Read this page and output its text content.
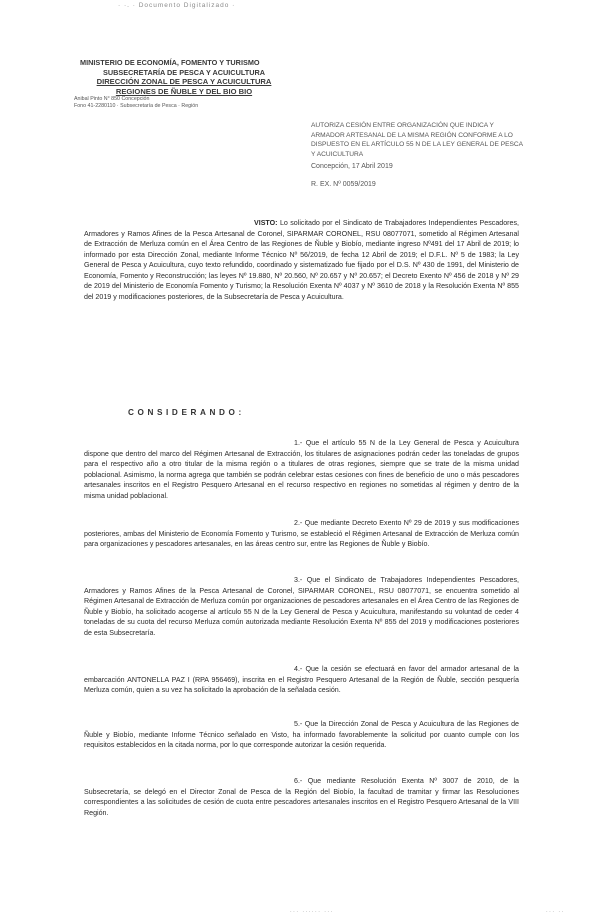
· ·. · Documento Digitalizado ·
MINISTERIO DE ECONOMÍA, FOMENTO Y TURISMO
SUBSECRETARÍA DE PESCA Y ACUICULTURA
DIRECCIÓN ZONAL DE PESCA Y ACUICULTURA
REGIONES DE ÑUBLE Y DEL BIO BIO
Anibal Pinto N° 850 Concepción
Fono 41-2280110 · Subsecretaría de Pesca · Región
AUTORIZA CESIÓN ENTRE ORGANIZACIÓN QUE INDICA Y ARMADOR ARTESANAL DE LA MISMA REGIÓN CONFORME A LO DISPUESTO EN EL ARTÍCULO 55 N DE LA LEY GENERAL DE PESCA Y ACUICULTURA
Concepción, 17 Abril 2019
R. EX. Nº 0059/2019
VISTO: Lo solicitado por el Sindicato de Trabajadores Independientes Pescadores, Armadores y Ramos Afines de la Pesca Artesanal de Coronel, SIPARMAR CORONEL, RSU 08077071, sometido al Régimen Artesanal de Extracción de Merluza común en el Área Centro de las Regiones de Ñuble y Biobío, mediante ingreso Nº491 del 17 Abril de 2019; lo informado por esta Dirección Zonal, mediante Informe Técnico Nº 56/2019, de fecha 12 Abril de 2019; el D.F.L. Nº 5 de 1983; la Ley General de Pesca y Acuicultura, cuyo texto refundido, coordinado y sistematizado fue fijado por el D.S. Nº 430 de 1991, del Ministerio de Economía, Fomento y Reconstrucción; las leyes Nº 19.880, Nº 20.560, Nº 20.657 y Nº 20.657; el Decreto Exento Nº 456 de 2018 y Nº 29 de 2019 del Ministerio de Economía Fomento y Turismo; la Resolución Exenta Nº 4037 y Nº 3610 de 2018 y la Resolución Exenta Nº 855 del 2019 y modificaciones posteriores, de la Subsecretaría de Pesca y Acuicultura.
CONSIDERANDO:
1.- Que el artículo 55 N de la Ley General de Pesca y Acuicultura dispone que dentro del marco del Régimen Artesanal de Extracción, los titulares de asignaciones podrán ceder las toneladas de grupos para el respectivo año a otro titular de la misma región o a titulares de otras regiones, siempre que se trate de la misma unidad poblacional. Asimismo, la norma agrega que también se podrán celebrar estas cesiones con fines de beneficio de uno o más pescadores artesanales inscritos en el Registro Pesquero Artesanal en el recurso respectivo en regiones no sometidas al régimen y dentro de la misma unidad poblacional.
2.- Que mediante Decreto Exento Nº 29 de 2019 y sus modificaciones posteriores, ambas del Ministerio de Economía Fomento y Turismo, se estableció el Régimen Artesanal de Extracción de Merluza común para organizaciones y pescadores artesanales, en las áreas centro sur, entre las Regiones de Ñuble y Biobío.
3.- Que el Sindicato de Trabajadores Independientes Pescadores, Armadores y Ramos Afines de la Pesca Artesanal de Coronel, SIPARMAR CORONEL, RSU 08077071, se encuentra sometido al Régimen Artesanal de Extracción de Merluza común por organizaciones de pescadores artesanales en el Área Centro de las Regiones de Ñuble y Biobío, ha solicitado acogerse al artículo 55 N de la Ley General de Pesca y Acuicultura, manifestando su voluntad de ceder 4 toneladas de su cuota del recurso Merluza común autorizada mediante Resolución Exenta Nº 855 del 2019 y modificaciones posteriores de esta Subsecretaría.
4.- Que la cesión se efectuará en favor del armador artesanal de la embarcación ANTONELLA PAZ I (RPA 956469), inscrita en el Registro Pesquero Artesanal de la Región de Ñuble, sección pesquería Merluza común, quien a su vez ha solicitado la aprobación de la señalada cesión.
5.- Que la Dirección Zonal de Pesca y Acuicultura de las Regiones de Ñuble y Biobío, mediante Informe Técnico señalado en Visto, ha informado favorablemente la solicitud por cuanto cumple con los requisitos establecidos en la citada norma, por lo que corresponde autorizar la cesión requerida.
6.- Que mediante Resolución Exenta Nº 3007 de 2010, de la Subsecretaría, se delegó en el Director Zonal de Pesca de la Región del Biobío, la facultad de tramitar y firmar las Resoluciones correspondientes a las solicitudes de cesión de cuota entre pescadores artesanales inscritos en el Registro Pesquero Artesanal de la VIII Región.
··· ······ ···	··· ··
